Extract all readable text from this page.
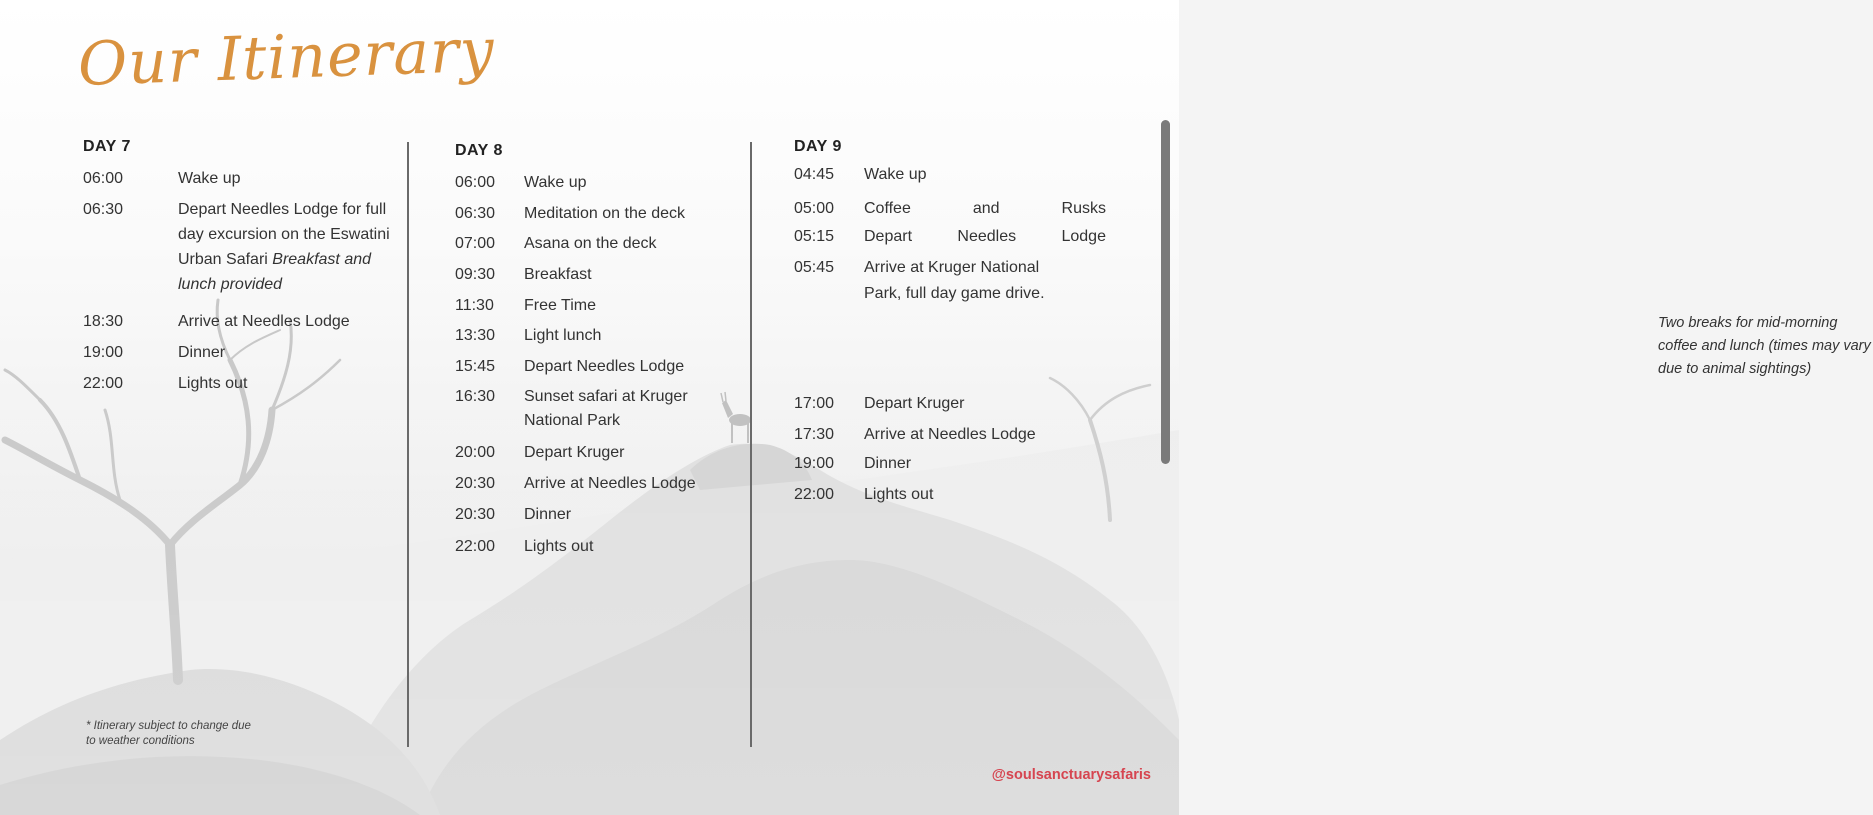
Our Itinerary
DAY 7
06:00	Wake up
06:30	Depart Needles Lodge for full day excursion on the Eswatini Urban Safari Breakfast and lunch provided
18:30	Arrive at Needles Lodge
19:00	Dinner
22:00	Lights out
DAY 8
06:00 Wake up
06:30 Meditation on the deck
07:00 Asana on the deck
09:30 Breakfast
11:30 Free Time
13:30 Light lunch
15:45 Depart Needles Lodge
16:30 Sunset safari at Kruger National Park
20:00 Depart Kruger
20:30 Arrive at Needles Lodge
20:30 Dinner
22:00 Lights out
DAY 9
04:45 Wake up
05:00 Coffee	and	Rusks
05:15 Depart	Needles	Lodge
05:45 Arrive at Kruger National Park, full day game drive.
Two breaks for mid-morning coffee and lunch (times may vary due to animal sightings)
17:00 Depart Kruger
17:30 Arrive at Needles Lodge
19:00 Dinner
22:00 Lights out
* Itinerary subject to change due to weather conditions
@soulsanctuarysafaris
